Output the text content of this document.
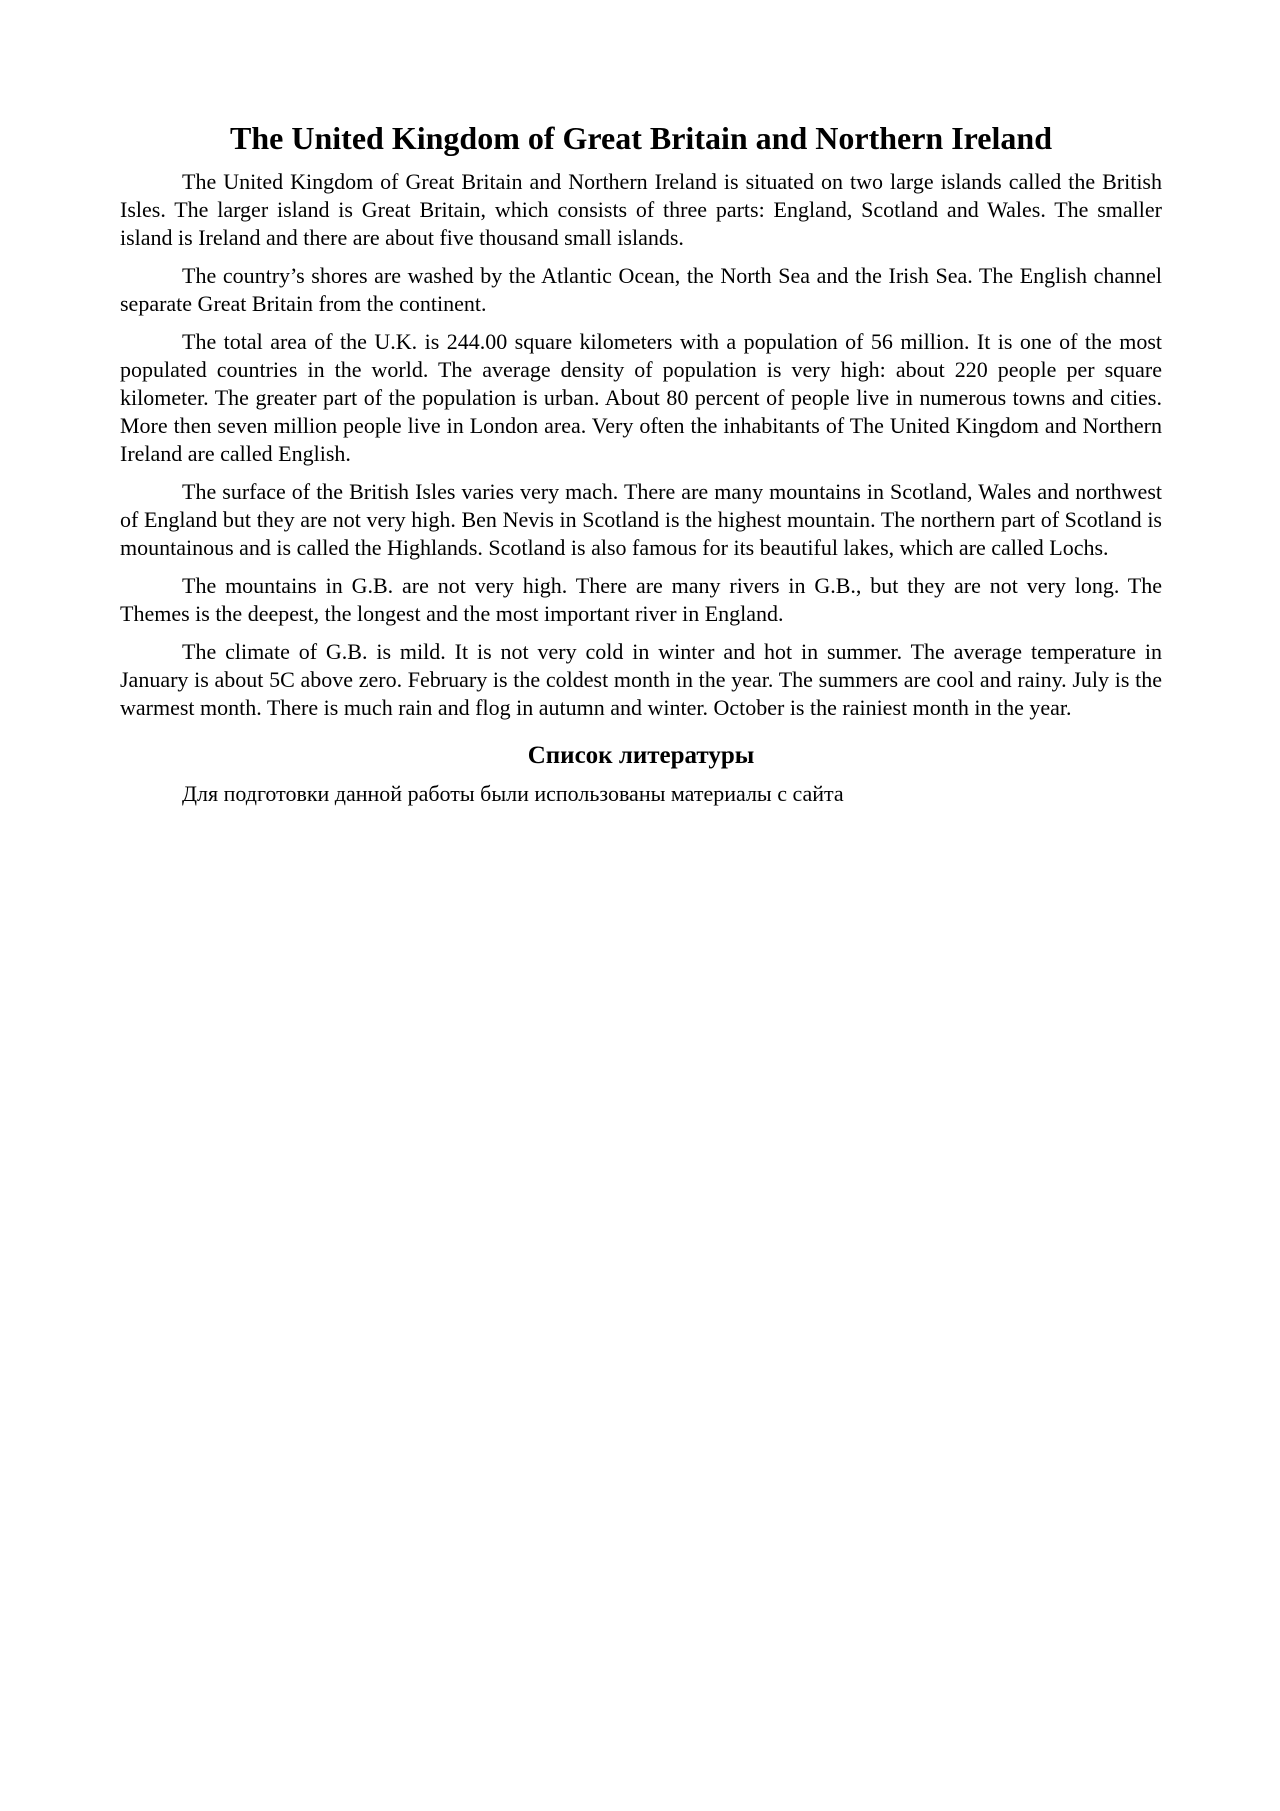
The United Kingdom of Great Britain and Northern Ireland

The United Kingdom of Great Britain and Northern Ireland is situated on two large islands called the British Isles. The larger island is Great Britain, which consists of three parts: England, Scotland and Wales. The smaller island is Ireland and there are about five thousand small islands.

The country’s shores are washed by the Atlantic Ocean, the North Sea and the Irish Sea. The English channel separate Great Britain from the continent.

The total area of the U.K. is 244.00 square kilometers with a population of 56 million. It is one of the most populated countries in the world. The average density of population is very high: about 220 people per square kilometer. The greater part of the population is urban. About 80 percent of people live in numerous towns and cities. More then seven million people live in London area. Very often the inhabitants of The United Kingdom and Northern Ireland are called English.

The surface of the British Isles varies very mach. There are many mountains in Scotland, Wales and northwest of England but they are not very high. Ben Nevis in Scotland is the highest mountain. The northern part of Scotland is mountainous and is called the Highlands. Scotland is also famous for its beautiful lakes, which are called Lochs.

The mountains in G.B. are not very high. There are many rivers in G.B., but they are not very long. The Themes is the deepest, the longest and the most important river in England.

The climate of G.B. is mild. It is not very cold in winter and hot in summer. The average temperature in January is about 5C above zero. February is the coldest month in the year. The summers are cool and rainy. July is the warmest month. There is much rain and flog in autumn and winter. October is the rainiest month in the year.

Список литературы

Для подготовки данной работы были использованы материалы с сайта
